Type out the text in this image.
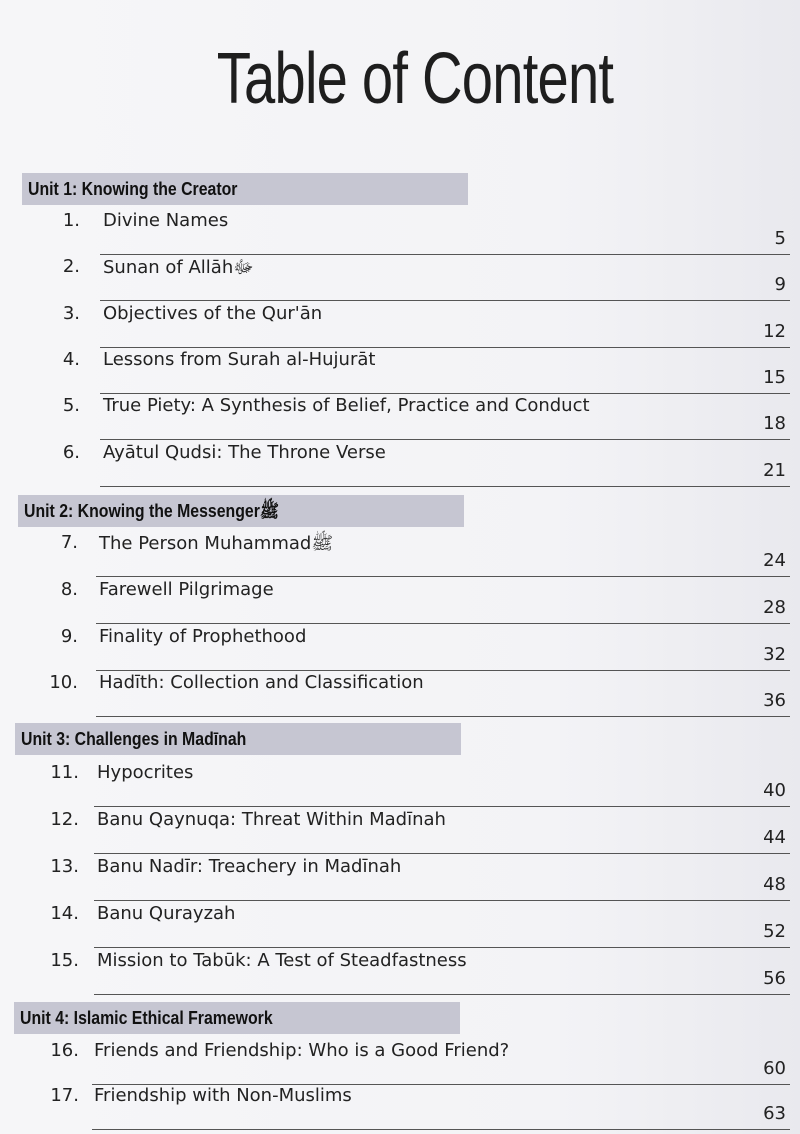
Table of Content
Unit 1: Knowing the Creator
1. Divine Names
5
2. Sunan of Allāhﷻ
9
3. Objectives of the Qur'ān
12
4. Lessons from Surah al-Hujurāt
15
5. True Piety: A Synthesis of Belief, Practice and Conduct
18
6. Ayātul Qudsi: The Throne Verse
21
Unit 2: Knowing the Messengerﷺ
7. The Person Muhammadﷺ
24
8. Farewell Pilgrimage
28
9. Finality of Prophethood
32
10. Hadīth: Collection and Classification
36
Unit 3: Challenges in Madīnah
11. Hypocrites
40
12. Banu Qaynuqa: Threat Within Madīnah
44
13. Banu Nadīr: Treachery in Madīnah
48
14. Banu Qurayzah
52
15. Mission to Tabūk: A Test of Steadfastness
56
Unit 4: Islamic Ethical Framework
16. Friends and Friendship: Who is a Good Friend?
60
17. Friendship with Non-Muslims
63
